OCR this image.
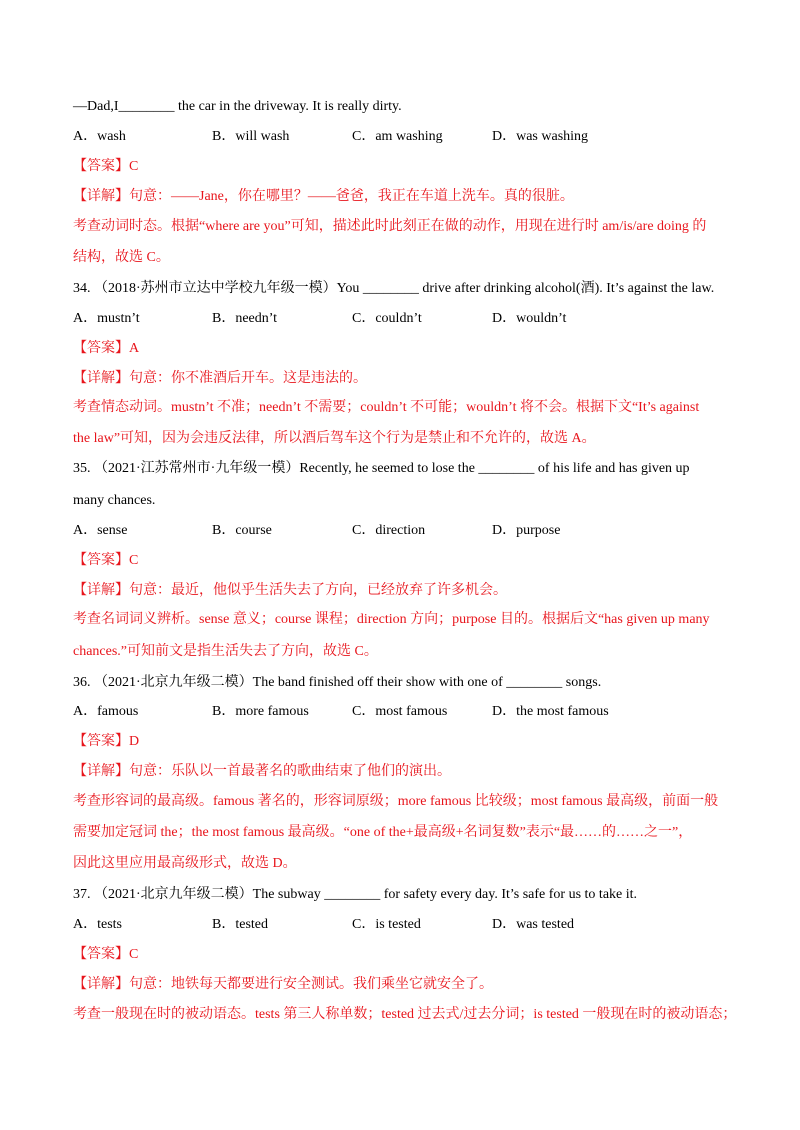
—Dad,I________ the car in the driveway. It is really dirty.
A．wash	B．will wash	C．am washing	D．was washing
【答案】C
【详解】句意：——Jane，你在哪里？——爸爸，我正在车道上洗车。真的很脏。
考查动词时态。根据“where are you”可知，描述此时此刻正在做的动作，用现在进行时 am/is/are doing 的
结构，故选 C。
34. （2018·苏州市立达中学校九年级一模）You ________ drive after drinking alcohol(酒). It’s against the law.
A．mustn’t	B．needn’t	C．couldn’t	D．wouldn’t
【答案】A
【详解】句意：你不准酒后开车。这是违法的。
考查情态动词。mustn’t 不准；needn’t 不需要；couldn’t 不可能；wouldn’t 将不会。根据下文“It’s against
the law”可知，因为会违反法律，所以酒后驾车这个行为是禁止和不允许的，故选 A。
35. （2021·江苏常州市·九年级一模）Recently, he seemed to lose the ________ of his life and has given up
many chances.
A．sense	B．course	C．direction	D．purpose
【答案】C
【详解】句意：最近，他似乎生活失去了方向，已经放弃了许多机会。
考查名词词义辨析。sense 意义；course 课程；direction 方向；purpose 目的。根据后文“has given up many
chances.”可知前文是指生活失去了方向，故选 C。
36. （2021·北京九年级二模）The band finished off their show with one of ________ songs.
A．famous	B．more famous	C．most famous	D．the most famous
【答案】D
【详解】句意：乐队以一首最著名的歌曲结束了他们的演出。
考查形容词的最高级。famous 著名的，形容词原级；more famous 比较级；most famous 最高级，前面一般
需要加定冠词 the；the most famous 最高级。“one of the+最高级+名词复数”表示“最……的……之一”，
因此这里应用最高级形式，故选 D。
37. （2021·北京九年级二模）The subway ________ for safety every day. It’s safe for us to take it.
A．tests	B．tested	C．is tested	D．was tested
【答案】C
【详解】句意：地铁每天都要进行安全测试。我们乘坐它就安全了。
考查一般现在时的被动语态。tests 第三人称单数；tested 过去式/过去分词；is tested 一般现在时的被动语态；
